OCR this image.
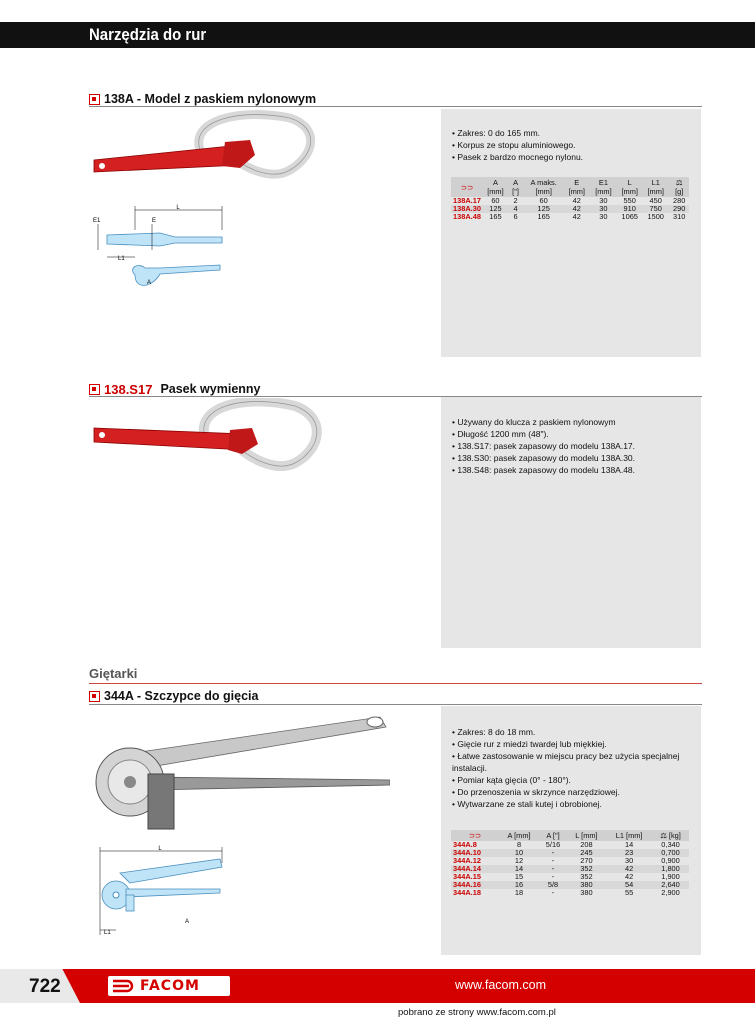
Narzędzia do rur
138A - Model z paskiem nylonowym
L
E1	E
L1
A
• Zakres: 0 do 165 mm.
• Korpus ze stopu aluminiowego.
• Pasek z bardzo mocnego nylonu.
⊃⊃	A [mm]	A ["]	A maks. [mm]	E [mm]	E1 [mm]	L [mm]	L1 [mm]	⚖ [g]
138A.17	60	2	60	42	30	550	450	280
138A.30	125	4	125	42	30	910	750	290
138A.48	165	6	165	42	30	1065	1500	310
138.S17 Pasek wymienny
• Używany do klucza z paskiem nylonowym
• Długość 1200 mm (48").
• 138.S17: pasek zapasowy do modelu 138A.17.
• 138.S30: pasek zapasowy do modelu 138A.30.
• 138.S48: pasek zapasowy do modelu 138A.48.
Giętarki
344A - Szczypce do gięcia
L
A
L1
• Zakres: 8 do 18 mm.
• Gięcie rur z miedzi twardej lub miękkiej.
• Łatwe zastosowanie w miejscu pracy bez użycia specjalnej instalacji.
• Pomiar kąta gięcia (0° - 180°).
• Do przenoszenia w skrzynce narzędziowej.
• Wytwarzane ze stali kutej i obrobionej.
⊃⊃	A [mm]	A ["]	L [mm]	L1 [mm]	⚖ [kg]
344A.8	8	5/16	208	14	0,340
344A.10	10	-	245	23	0,700
344A.12	12	-	270	30	0,900
344A.14	14	-	352	42	1,800
344A.15	15	-	352	42	1,900
344A.16	16	5/8	380	54	2,640
344A.18	18	-	380	55	2,900
722	FACOM	www.facom.com
pobrano ze strony www.facom.com.pl
